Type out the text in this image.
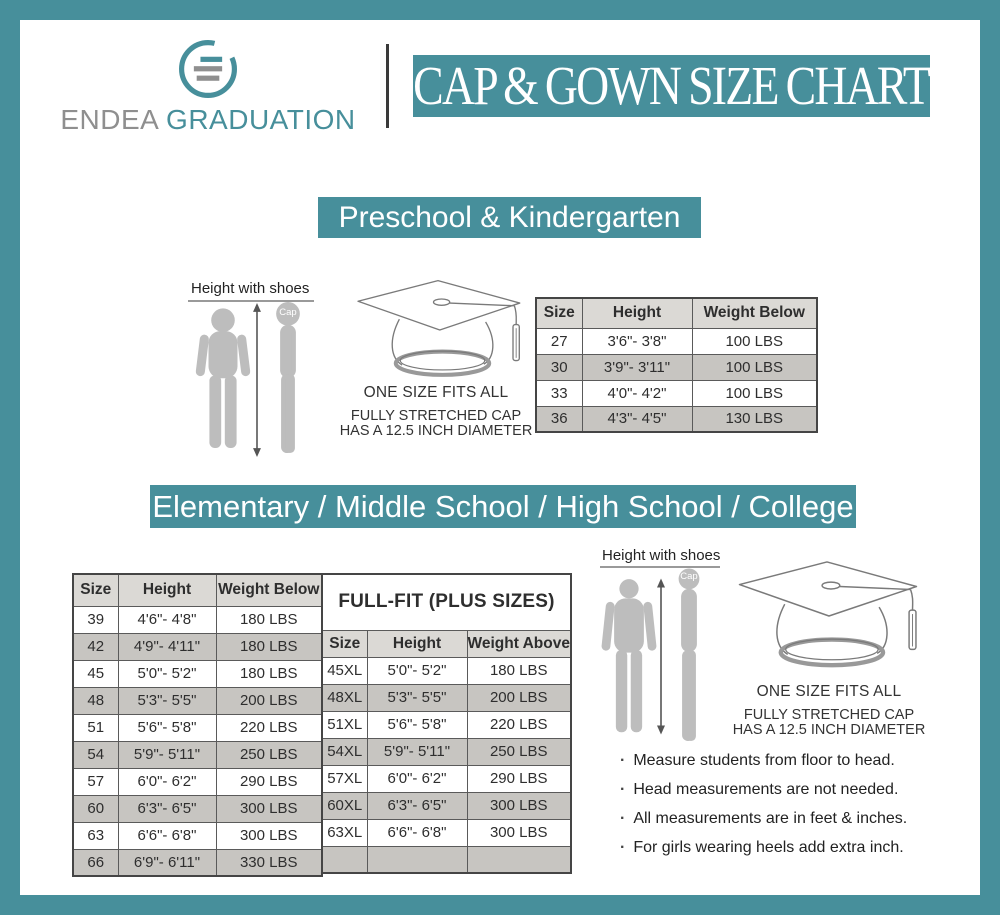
ENDEA GRADUATION
CAP & GOWN SIZE CHART
Preschool & Kindergarten
Height with shoes
Cap
ONE SIZE FITS ALL
FULLY STRETCHED CAP
HAS A 12.5 INCH DIAMETER
Size	Height	Weight Below
27	3'6"- 3'8"	100 LBS
30	3'9"- 3'11"	100 LBS
33	4'0"- 4'2"	100 LBS
36	4'3"- 4'5"	130 LBS
Elementary / Middle School / High School / College
Size	Height	Weight Below
39	4'6"- 4'8"	180 LBS
42	4'9"- 4'11"	180 LBS
45	5'0"- 5'2"	180 LBS
48	5'3"- 5'5"	200 LBS
51	5'6"- 5'8"	220 LBS
54	5'9"- 5'11"	250 LBS
57	6'0"- 6'2"	290 LBS
60	6'3"- 6'5"	300 LBS
63	6'6"- 6'8"	300 LBS
66	6'9"- 6'11"	330 LBS
FULL-FIT (PLUS SIZES)		
Size	Height	Weight Above
45XL	5'0"- 5'2"	180 LBS
48XL	5'3"- 5'5"	200 LBS
51XL	5'6"- 5'8"	220 LBS
54XL	5'9"- 5'11"	250 LBS
57XL	6'0"- 6'2"	290 LBS
60XL	6'3"- 6'5"	300 LBS
63XL	6'6"- 6'8"	300 LBS

Height with shoes
Cap
ONE SIZE FITS ALL
FULLY STRETCHED CAP
HAS A 12.5 INCH DIAMETER
· Measure students from floor to head.
· Head measurements are not needed.
· All measurements are in feet & inches.
· For girls wearing heels add extra inch.
